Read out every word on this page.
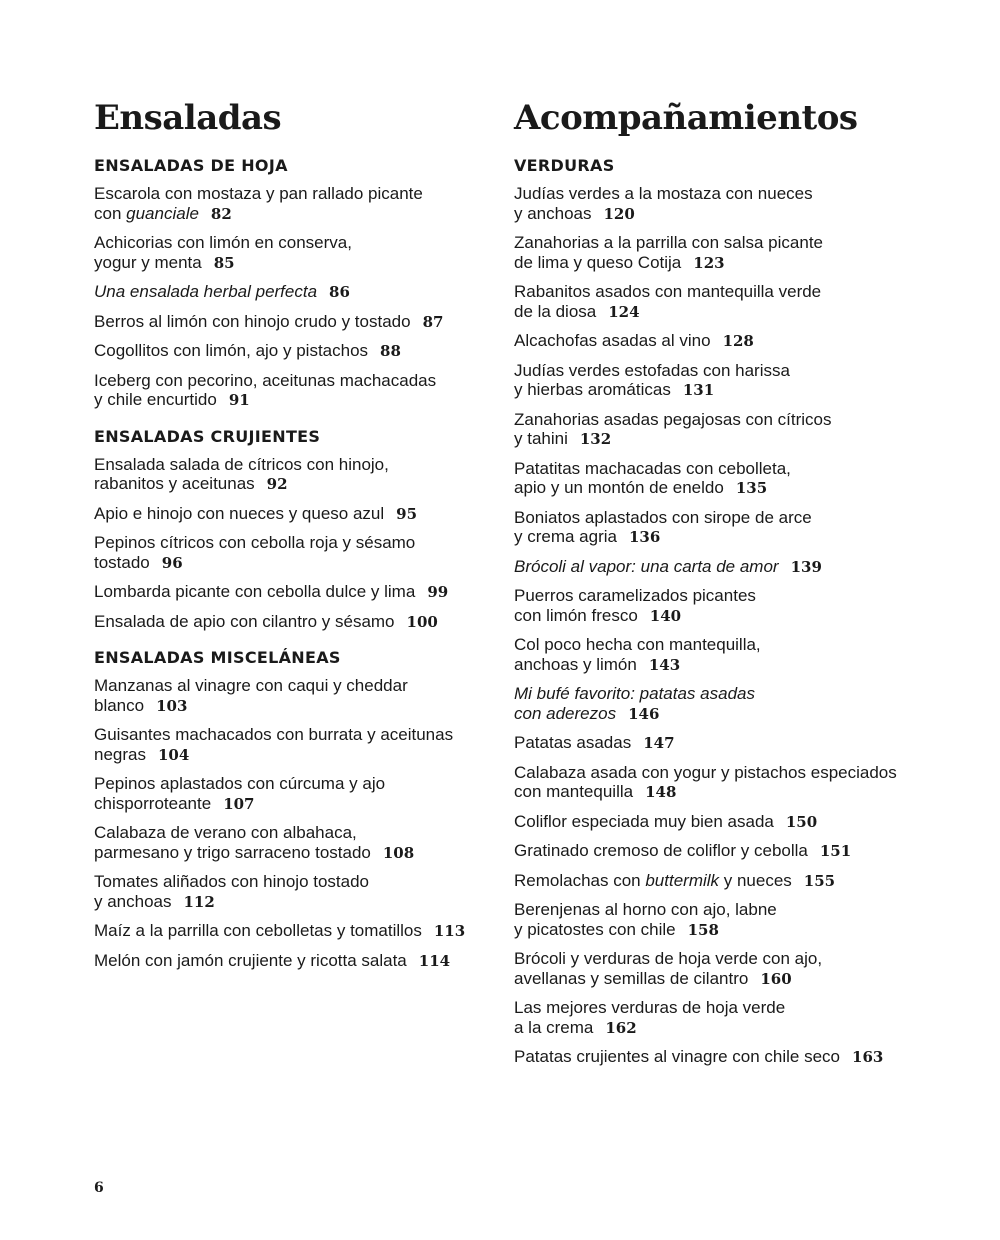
Ensaladas
ENSALADAS DE HOJA
Escarola con mostaza y pan rallado picante
con guanciale 82
Achicorias con limón en conserva,
yogur y menta 85
Una ensalada herbal perfecta 86
Berros al limón con hinojo crudo y tostado 87
Cogollitos con limón, ajo y pistachos 88
Iceberg con pecorino, aceitunas machacadas
y chile encurtido 91
ENSALADAS CRUJIENTES
Ensalada salada de cítricos con hinojo,
rabanitos y aceitunas 92
Apio e hinojo con nueces y queso azul 95
Pepinos cítricos con cebolla roja y sésamo
tostado 96
Lombarda picante con cebolla dulce y lima 99
Ensalada de apio con cilantro y sésamo 100
ENSALADAS MISCELÁNEAS
Manzanas al vinagre con caqui y cheddar
blanco 103
Guisantes machacados con burrata y aceitunas
negras 104
Pepinos aplastados con cúrcuma y ajo
chisporroteante 107
Calabaza de verano con albahaca,
parmesano y trigo sarraceno tostado 108
Tomates aliñados con hinojo tostado
y anchoas 112
Maíz a la parrilla con cebolletas y tomatillos 113
Melón con jamón crujiente y ricotta salata 114
Acompañamientos
VERDURAS
Judías verdes a la mostaza con nueces
y anchoas 120
Zanahorias a la parrilla con salsa picante
de lima y queso Cotija 123
Rabanitos asados con mantequilla verde
de la diosa 124
Alcachofas asadas al vino 128
Judías verdes estofadas con harissa
y hierbas aromáticas 131
Zanahorias asadas pegajosas con cítricos
y tahini 132
Patatitas machacadas con cebolleta,
apio y un montón de eneldo 135
Boniatos aplastados con sirope de arce
y crema agria 136
Brócoli al vapor: una carta de amor 139
Puerros caramelizados picantes
con limón fresco 140
Col poco hecha con mantequilla,
anchoas y limón 143
Mi bufé favorito: patatas asadas
con aderezos 146
Patatas asadas 147
Calabaza asada con yogur y pistachos especiados
con mantequilla 148
Coliflor especiada muy bien asada 150
Gratinado cremoso de coliflor y cebolla 151
Remolachas con buttermilk y nueces 155
Berenjenas al horno con ajo, labne
y picatostes con chile 158
Brócoli y verduras de hoja verde con ajo,
avellanas y semillas de cilantro 160
Las mejores verduras de hoja verde
a la crema 162
Patatas crujientes al vinagre con chile seco 163
6
